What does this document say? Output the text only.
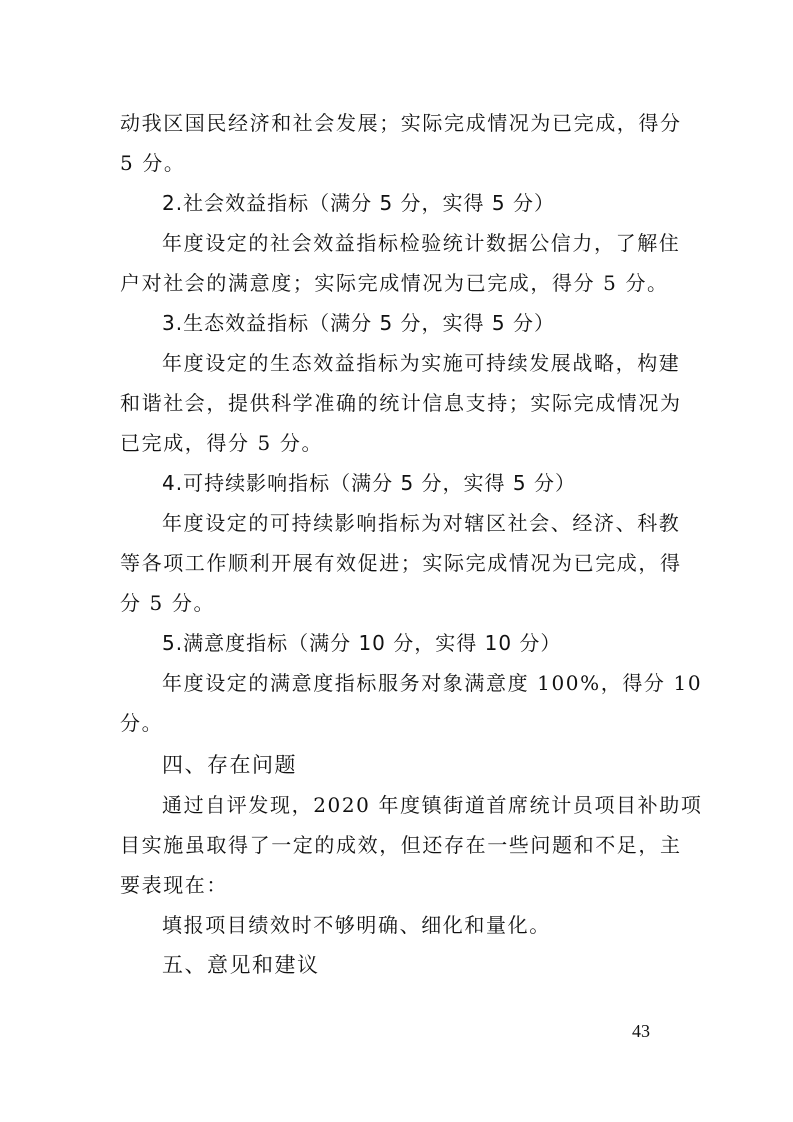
动我区国民经济和社会发展；实际完成情况为已完成，得分
5 分。
2.社会效益指标（满分 5 分，实得 5 分）
年度设定的社会效益指标检验统计数据公信力，了解住
户对社会的满意度；实际完成情况为已完成，得分 5 分。
3.生态效益指标（满分 5 分，实得 5 分）
年度设定的生态效益指标为实施可持续发展战略，构建
和谐社会，提供科学准确的统计信息支持；实际完成情况为
已完成，得分 5 分。
4.可持续影响指标（满分 5 分，实得 5 分）
年度设定的可持续影响指标为对辖区社会、经济、科教
等各项工作顺利开展有效促进；实际完成情况为已完成，得
分 5 分。
5.满意度指标（满分 10 分，实得 10 分）
年度设定的满意度指标服务对象满意度 100%，得分 10
分。
四、存在问题
通过自评发现，2020 年度镇街道首席统计员项目补助项
目实施虽取得了一定的成效，但还存在一些问题和不足，主
要表现在：
填报项目绩效时不够明确、细化和量化。
五、意见和建议
43
